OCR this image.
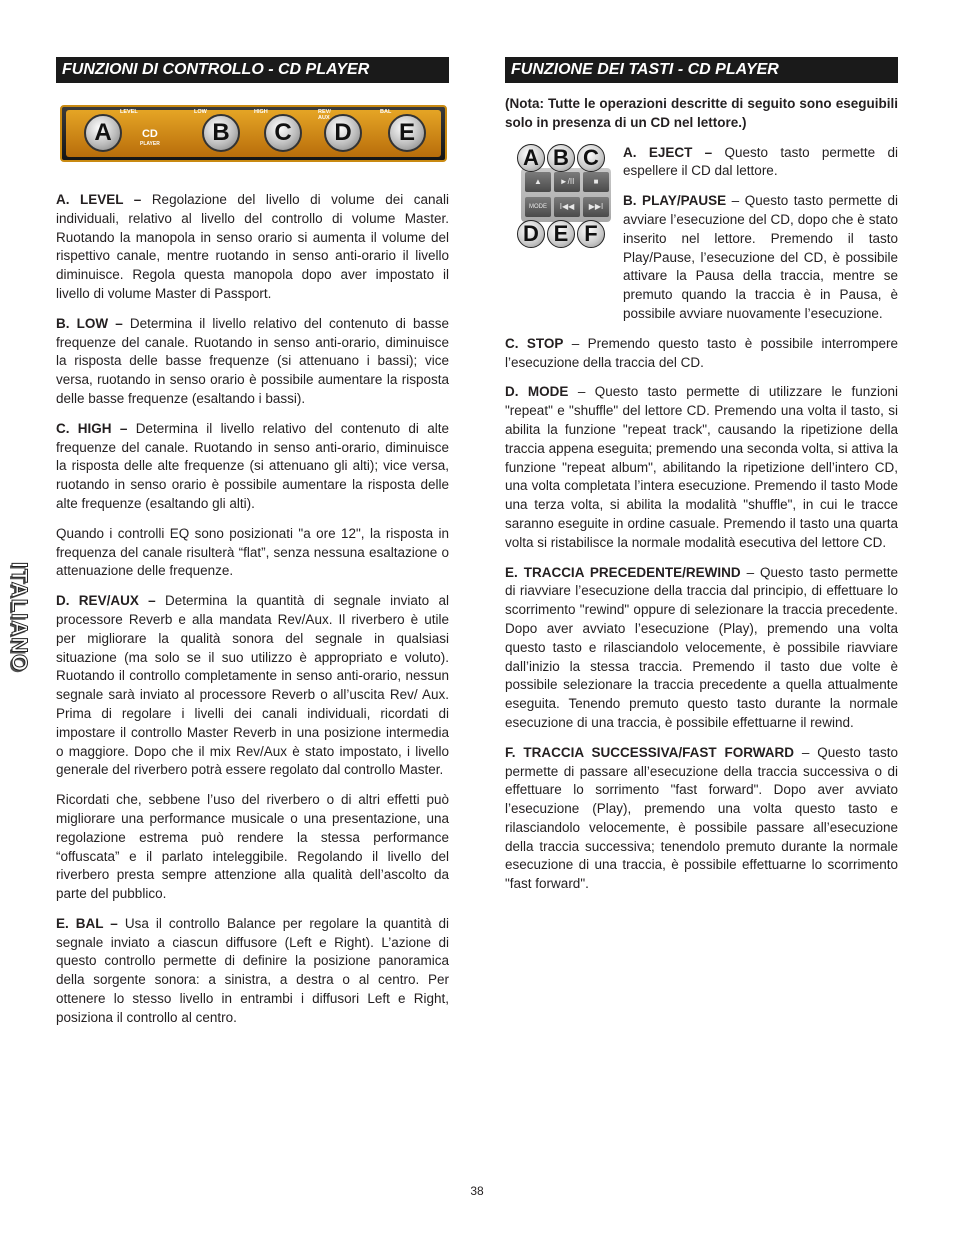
ITALIANO
FUNZIONI DI CONTROLLO - CD PLAYER
LEVEL
A	CD
PLAYER
LOW
B
HIGH
C
REV/ AUX
D
BAL
E

A. LEVEL – Regolazione del livello di volume dei canali individuali, relativo al livello del controllo di volume Master. Ruotando la manopola in senso orario si aumenta il volume del rispettivo canale, mentre ruotando in senso anti-orario il livello diminuisce. Regola questa manopola dopo aver impostato il livello di volume Master di Passport.

B. LOW – Determina il livello relativo del contenuto di basse frequenze del canale. Ruotando in senso anti-orario, diminuisce la risposta delle basse frequenze (si attenuano i bassi); vice versa, ruotando in senso orario è possibile aumentare la risposta delle basse frequenze (esaltando i bassi).

C. HIGH – Determina il livello relativo del contenuto di alte frequenze del canale. Ruotando in senso anti-orario, diminuisce la risposta delle alte frequenze (si attenuano gli alti); vice versa, ruotando in senso orario è possibile aumentare la risposta delle alte frequenze (esaltando gli alti).

Quando i controlli EQ sono posizionati "a ore 12", la risposta in frequenza del canale risulterà “flat”, senza nessuna esaltazione o attenuazione delle frequenze.

D. REV/AUX – Determina la quantità di segnale inviato al processore Reverb e alla mandata Rev/Aux. Il riverbero è utile per migliorare la qualità sonora del segnale in qualsiasi situazione (ma solo se il suo utilizzo è appropriato e voluto). Ruotando il controllo completamente in senso anti-orario, nessun segnale sarà inviato al processore Reverb o all’uscita Rev/ Aux. Prima di regolare i livelli dei canali individuali, ricordati di impostare il controllo Master Reverb in una posizione intermedia o maggiore. Dopo che il mix Rev/Aux è stato impostato, i livello generale del riverbero potrà essere regolato dal controllo Master.

Ricordati che, sebbene l’uso del riverbero o di altri effetti può migliorare una performance musicale o una presentazione, una regolazione estrema può rendere la stessa performance “offuscata” e il parlato inteleggibile. Regolando il livello del riverbero presta sempre attenzione alla qualità dell’ascolto da parte del pubblico.

E. BAL – Usa il controllo Balance per regolare la quantità di segnale inviato a ciascun diffusore (Left e Right). L’azione di questo controllo permette di definire la posizione panoramica della sorgente sonora: a sinistra, a destra o al centro. Per ottenere lo stesso livello in entrambi i diffusori Left e Right, posiziona il controllo al centro.

FUNZIONE DEI TASTI - CD PLAYER

(Nota: Tutte le operazioni descritte di seguito sono eseguibili solo in presenza di un CD nel lettore.)

A B C
▲	►/II	■
MODE	I◀◀	▶▶I
D E F

A. EJECT – Questo tasto permette di espellere il CD dal lettore.

B. PLAY/PAUSE – Questo tasto permette di avviare l’esecuzione del CD, dopo che è stato inserito nel lettore. Premendo il tasto Play/Pause, l’esecuzione del CD, è possibile attivare la Pausa della traccia, mentre se premuto quando la traccia è in Pausa, è possibile avviare nuovamente l’esecuzione.

C. STOP – Premendo questo tasto è possibile interrompere l’esecuzione della traccia del CD.

D. MODE – Questo tasto permette di utilizzare le funzioni "repeat" e "shuffle" del lettore CD. Premendo una volta il tasto, si abilita la funzione "repeat track", causando la ripetizione della traccia appena eseguita; premendo una seconda volta, si attiva la funzione "repeat album", abilitando la ripetizione dell’intero CD, una volta completata l’intera esecuzione. Premendo il tasto Mode una terza volta, si abilita la modalità "shuffle", in cui le tracce saranno eseguite in ordine casuale. Premendo il tasto una quarta volta si ristabilisce la normale modalità esecutiva del lettore CD.

E. TRACCIA PRECEDENTE/REWIND – Questo tasto permette di riavviare l’esecuzione della traccia dal principio, di effettuare lo scorrimento "rewind" oppure di selezionare la traccia precedente. Dopo aver avviato l’esecuzione (Play), premendo una volta questo tasto e rilasciandolo velocemente, è possibile riavviare dall’inizio la stessa traccia. Premendo il tasto due volte è possibile selezionare la traccia precedente a quella attualmente eseguita. Tenendo premuto questo tasto durante la normale esecuzione di una traccia, è possibile effettuarne il rewind.

F. TRACCIA SUCCESSIVA/FAST FORWARD – Questo tasto permette di passare all’esecuzione della traccia successiva o di effettuare lo sorrimento "fast forward". Dopo aver avviato l’esecuzione (Play), premendo una volta questo tasto e rilasciandolo velocemente, è possibile passare all’esecuzione della traccia successiva; tenendolo premuto durante la normale esecuzione di una traccia, è possibile effettuarne lo scorrimento "fast forward".

38
